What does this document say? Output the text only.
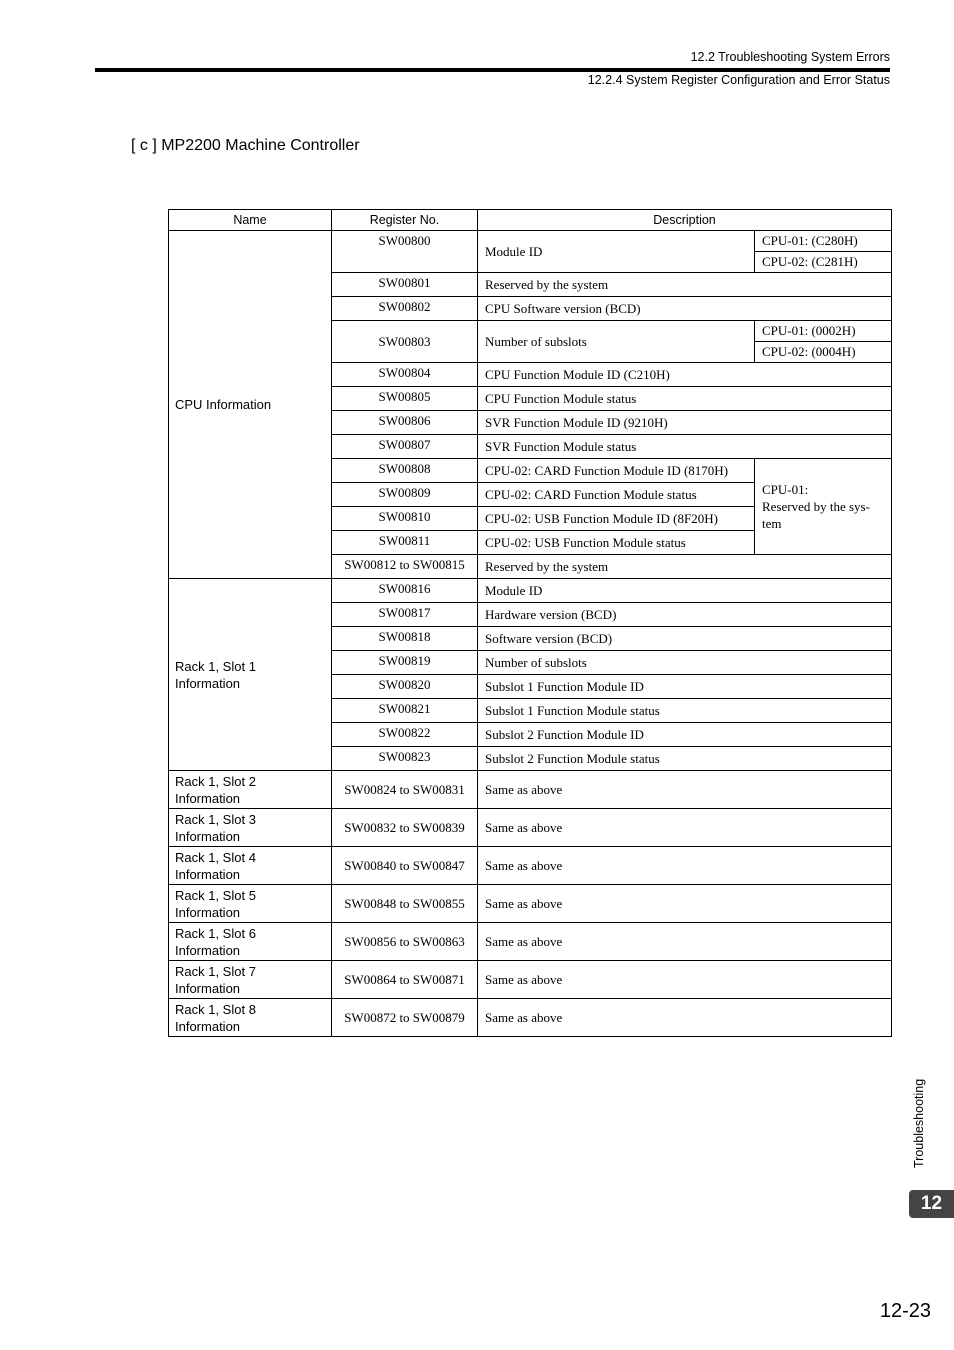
12.2 Troubleshooting System Errors
12.2.4 System Register Configuration and Error Status
[ c ] MP2200 Machine Controller
Name	Register No.	Description	
CPU Information	SW00800	Module ID	CPU-01: (C280H)
			CPU-02: (C281H)
	SW00801	Reserved by the system	
	SW00802	CPU Software version (BCD)	
	SW00803	Number of subslots	CPU-01: (0002H)
			CPU-02: (0004H)
	SW00804	CPU Function Module ID (C210H)	
	SW00805	CPU Function Module status	
	SW00806	SVR Function Module ID (9210H)	
	SW00807	SVR Function Module status	
	SW00808	CPU-02: CARD Function Module ID (8170H)	CPU-01:
Reserved by the sys-
tem

	SW00809	CPU-02: CARD Function Module status	
	SW00810	CPU-02: USB Function Module ID (8F20H)	
	SW00811	CPU-02: USB Function Module status	
	SW00812 to SW00815	Reserved by the system	

Rack 1, Slot 1
Information	SW00816	Module ID	
	SW00817	Hardware version (BCD)	
	SW00818	Software version (BCD)	
	SW00819	Number of subslots	
	SW00820	Subslot 1 Function Module ID	
	SW00821	Subslot 1 Function Module status	
	SW00822	Subslot 2 Function Module ID	
	SW00823	Subslot 2 Function Module status	

Rack 1, Slot 2
Information	SW00824 to SW00831	Same as above	

Rack 1, Slot 3
Information	SW00832 to SW00839	Same as above	

Rack 1, Slot 4
Information	SW00840 to SW00847	Same as above	

Rack 1, Slot 5
Information	SW00848 to SW00855	Same as above	

Rack 1, Slot 6
Information	SW00856 to SW00863	Same as above	

Rack 1, Slot 7
Information	SW00864 to SW00871	Same as above	

Rack 1, Slot 8
Information	SW00872 to SW00879	Same as above	
Troubleshooting
12
12-23
